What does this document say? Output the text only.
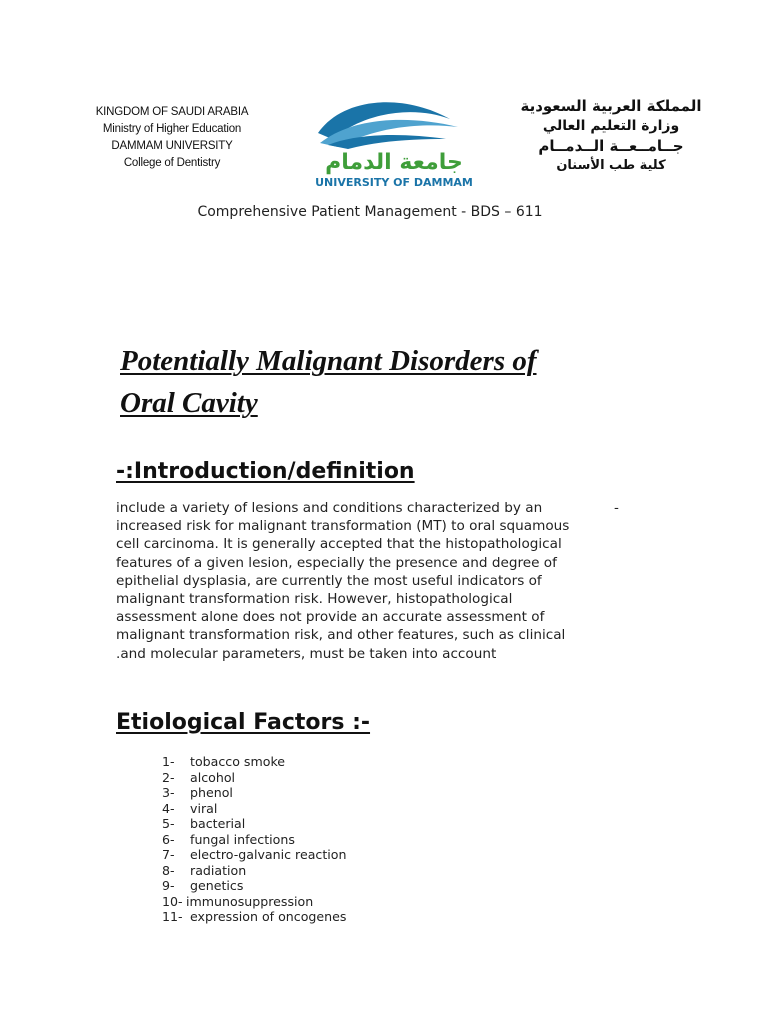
KINGDOM OF SAUDI ARABIA
Ministry of Higher Education
DAMMAM UNIVERSITY
College of Dentistry	جامعة الدمام
UNIVERSITY OF DAMMAM
المملكة العربية السعودية
وزارة التعليم العالي
جــامــعــة الــدمــام
كلية طب الأسنان
Comprehensive Patient Management - BDS – 611
Potentially Malignant Disorders of
Oral Cavity
-:Introduction/definition
include a variety of lesions and conditions characterized by an	-
increased risk for malignant transformation (MT) to oral squamous
cell carcinoma. It is generally accepted that the histopathological
features of a given lesion, especially the presence and degree of
epithelial dysplasia, are currently the most useful indicators of
malignant transformation risk. However, histopathological
assessment alone does not provide an accurate assessment of
malignant transformation risk, and other features, such as clinical
.and molecular parameters, must be taken into account
Etiological Factors :-
1- tobacco smoke
2- alcohol
3- phenol
4- viral
5- bacterial
6- fungal infections
7- electro-galvanic reaction
8- radiation
9- genetics
10- immunosuppression
11- expression of oncogenes
